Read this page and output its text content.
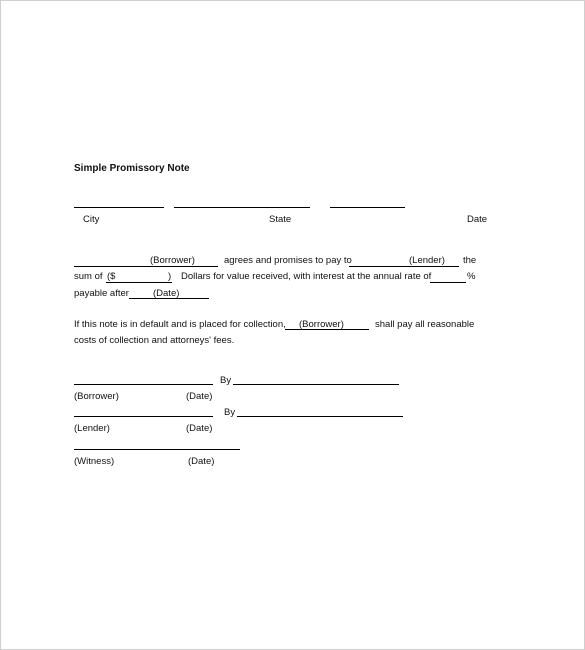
Simple Promissory Note
City	State	Date
(Borrower)	agrees and promises to pay to	(Lender) the
sum of ($	) Dollars for value received, with interest at the annual rate of	%
payable after	(Date)
If this note is in default and is placed for collection, (Borrower)	shall pay all reasonable
costs of collection and attorneys' fees.
By
(Borrower)	(Date)
By
(Lender)	(Date)
(Witness)	(Date)
